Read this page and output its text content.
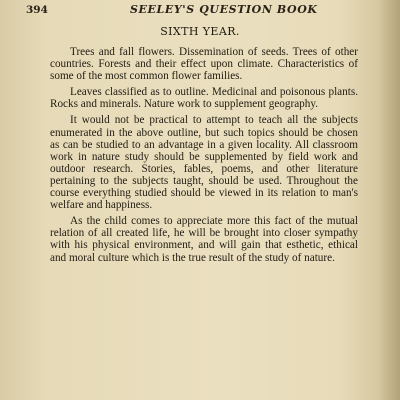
394	SEELEY'S QUESTION BOOK
SIXTH YEAR.

Trees and fall flowers. Dissemination of seeds. Trees of other countries. Forests and their effect upon climate. Characteristics of some of the most common flower families.

Leaves classified as to outline. Medicinal and poisonous plants. Rocks and minerals. Nature work to supplement geography.

It would not be practical to attempt to teach all the subjects enumerated in the above outline, but such topics should be chosen as can be studied to an advantage in a given locality. All classroom work in nature study should be supplemented by field work and outdoor research. Stories, fables, poems, and other literature pertaining to the subjects taught, should be used. Throughout the course everything studied should be viewed in its relation to man's welfare and happiness.

As the child comes to appreciate more this fact of the mutual relation of all created life, he will be brought into closer sympathy with his physical environment, and will gain that esthetic, ethical and moral culture which is the true result of the study of nature.
